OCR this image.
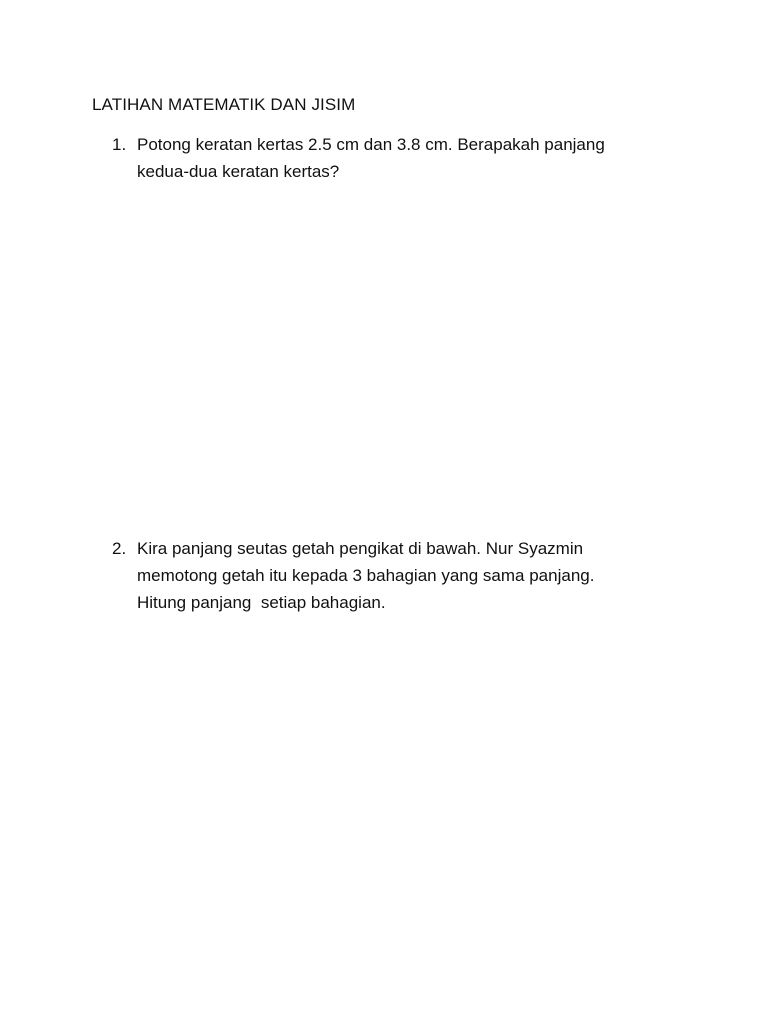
LATIHAN MATEMATIK DAN JISIM
1. Potong keratan kertas 2.5 cm dan 3.8 cm. Berapakah panjang
kedua-dua keratan kertas?
2. Kira panjang seutas getah pengikat di bawah. Nur Syazmin
memotong getah itu kepada 3 bahagian yang sama panjang.
Hitung panjang  setiap bahagian.
